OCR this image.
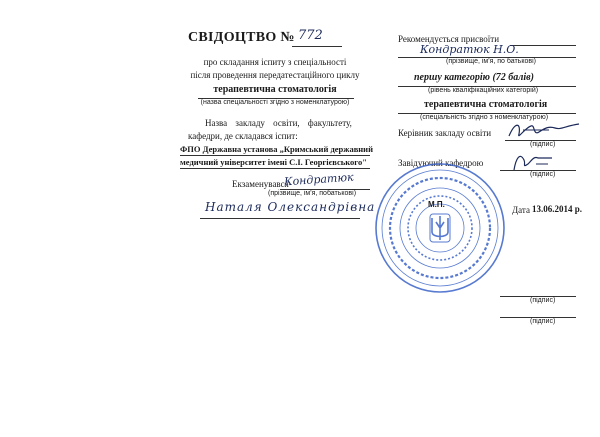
СВІДОЦТВО № 772
про складання іспиту з спеціальності
після проведення передатестаційного циклу
терапевтична стоматологія
(назва спеціальності згідно з номенклатурою)
Назва закладу освіти, факультету,
кафедри, де складався іспит:
ФПО Державна установа „Кримський державний
медичний університет імені С.І. Георгієвського"
Екзаменувався
Кондратюк
(прізвище, ім'я, побатькові)
Наталя Олександрівна
Рекомендується присвоїти
Кондратюк Н.О.
(прізвище, ім'я, по батькові)
першу категорію (72 балів)
(рівень кваліфікаційних категорій)
терапевтична стоматологія
(спеціальність згідно з номенклатурою)
Керівник закладу освіти
(підпис)
Завідуючий кафедрою
(підпис)
(підпис)
(підпис)
Дата 13.06.2014 р.
М.П.
